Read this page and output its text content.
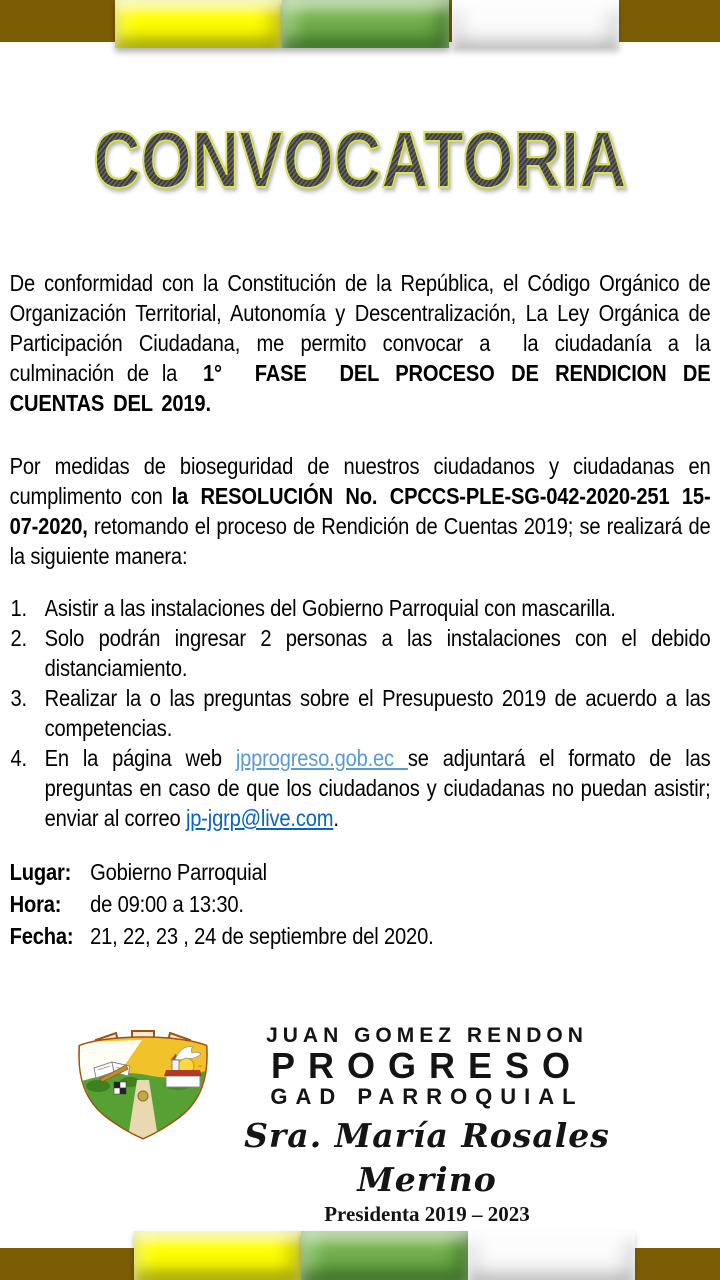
CONVOCATORIA

De conformidad con la Constitución de la República, el Código Orgánico de Organización Territorial, Autonomía y Descentralización, La Ley Orgánica de Participación Ciudadana, me permito convocar a  la ciudadanía a la culminación de la  1°  FASE  DEL PROCESO DE RENDICION DE CUENTAS DEL 2019.

Por medidas de bioseguridad de nuestros ciudadanos y ciudadanas en cumplimento con la RESOLUCIÓN No. CPCCS-PLE-SG-042-2020-251 15-07-2020, retomando el proceso de Rendición de Cuentas 2019; se realizará de la siguiente manera:

1. Asistir a las instalaciones del Gobierno Parroquial con mascarilla.
2. Solo podrán ingresar 2 personas a las instalaciones con el debido distanciamiento.
3. Realizar la o las preguntas sobre el Presupuesto 2019 de acuerdo a las competencias.
4. En la página web jpprogreso.gob.ec se adjuntará el formato de las preguntas en caso de que los ciudadanos y ciudadanas no puedan asistir; enviar al correo jp-jgrp@live.com.
Lugar: Gobierno Parroquial
Hora:	de 09:00 a 13:30.
Fecha: 21, 22, 23 , 24 de septiembre del 2020.
JUAN GOMEZ RENDON
PROGRESO
GAD PARROQUIAL
Sra. María Rosales Merino
Presidenta 2019 – 2023
